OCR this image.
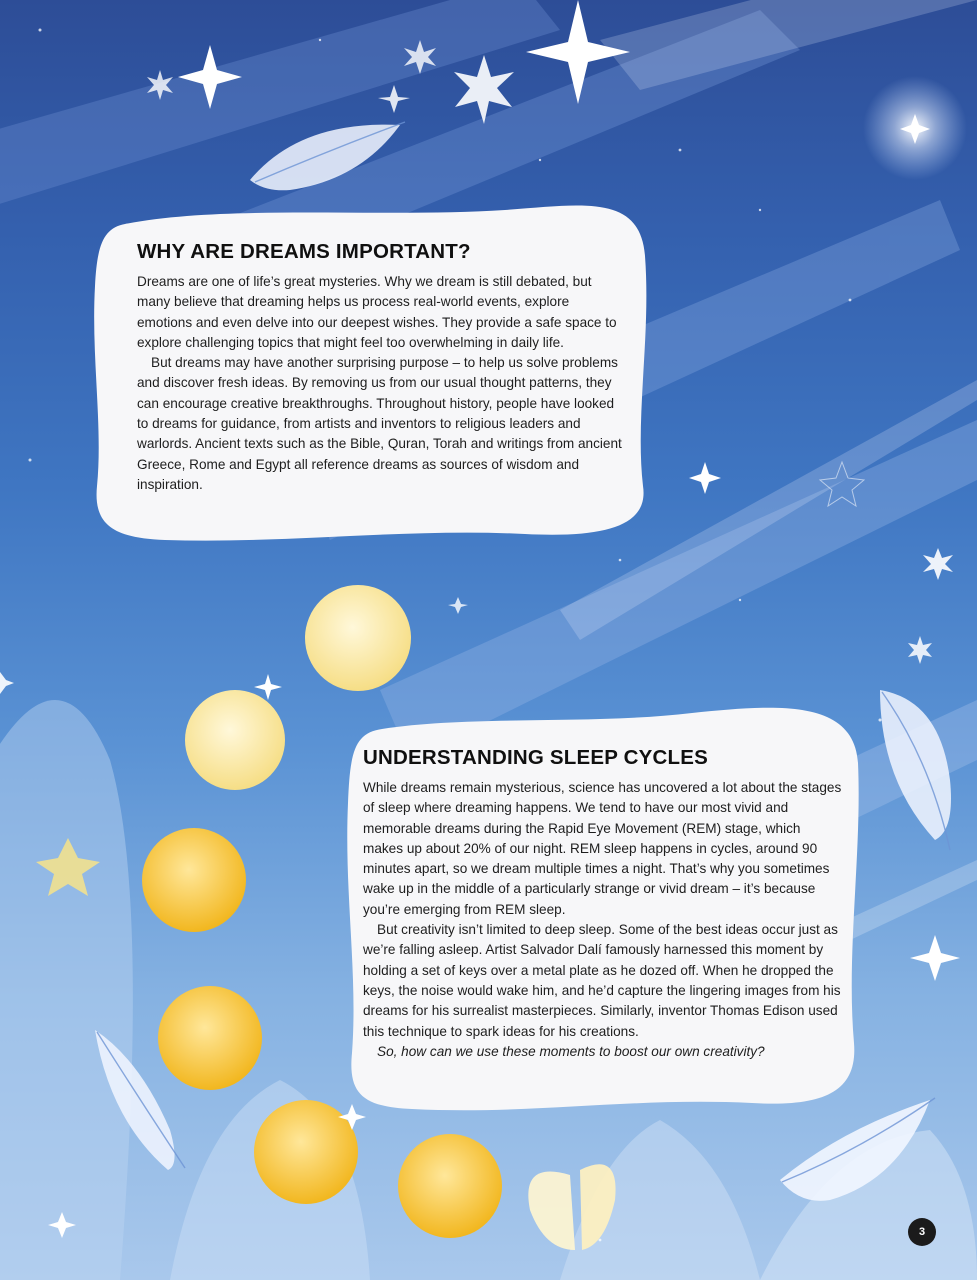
WHY ARE DREAMS IMPORTANT?

Dreams are one of life’s great mysteries. Why we dream is still debated, but many believe that dreaming helps us process real-world events, explore emotions and even delve into our deepest wishes. They provide a safe space to explore challenging topics that might feel too overwhelming in daily life.

But dreams may have another surprising purpose – to help us solve problems and discover fresh ideas. By removing us from our usual thought patterns, they can encourage creative breakthroughs. Throughout history, people have looked to dreams for guidance, from artists and inventors to religious leaders and warlords. Ancient texts such as the Bible, Quran, Torah and writings from ancient Greece, Rome and Egypt all reference dreams as sources of wisdom and inspiration.

UNDERSTANDING SLEEP CYCLES

While dreams remain mysterious, science has uncovered a lot about the stages of sleep where dreaming happens. We tend to have our most vivid and memorable dreams during the Rapid Eye Movement (REM) stage, which makes up about 20% of our night. REM sleep happens in cycles, around 90 minutes apart, so we dream multiple times a night. That’s why you sometimes wake up in the middle of a particularly strange or vivid dream – it’s because you’re emerging from REM sleep.

But creativity isn’t limited to deep sleep. Some of the best ideas occur just as we’re falling asleep. Artist Salvador Dalí famously harnessed this moment by holding a set of keys over a metal plate as he dozed off. When he dropped the keys, the noise would wake him, and he’d capture the lingering images from his dreams for his surrealist masterpieces. Similarly, inventor Thomas Edison used this technique to spark ideas for his creations.

So, how can we use these moments to boost our own creativity?

3
